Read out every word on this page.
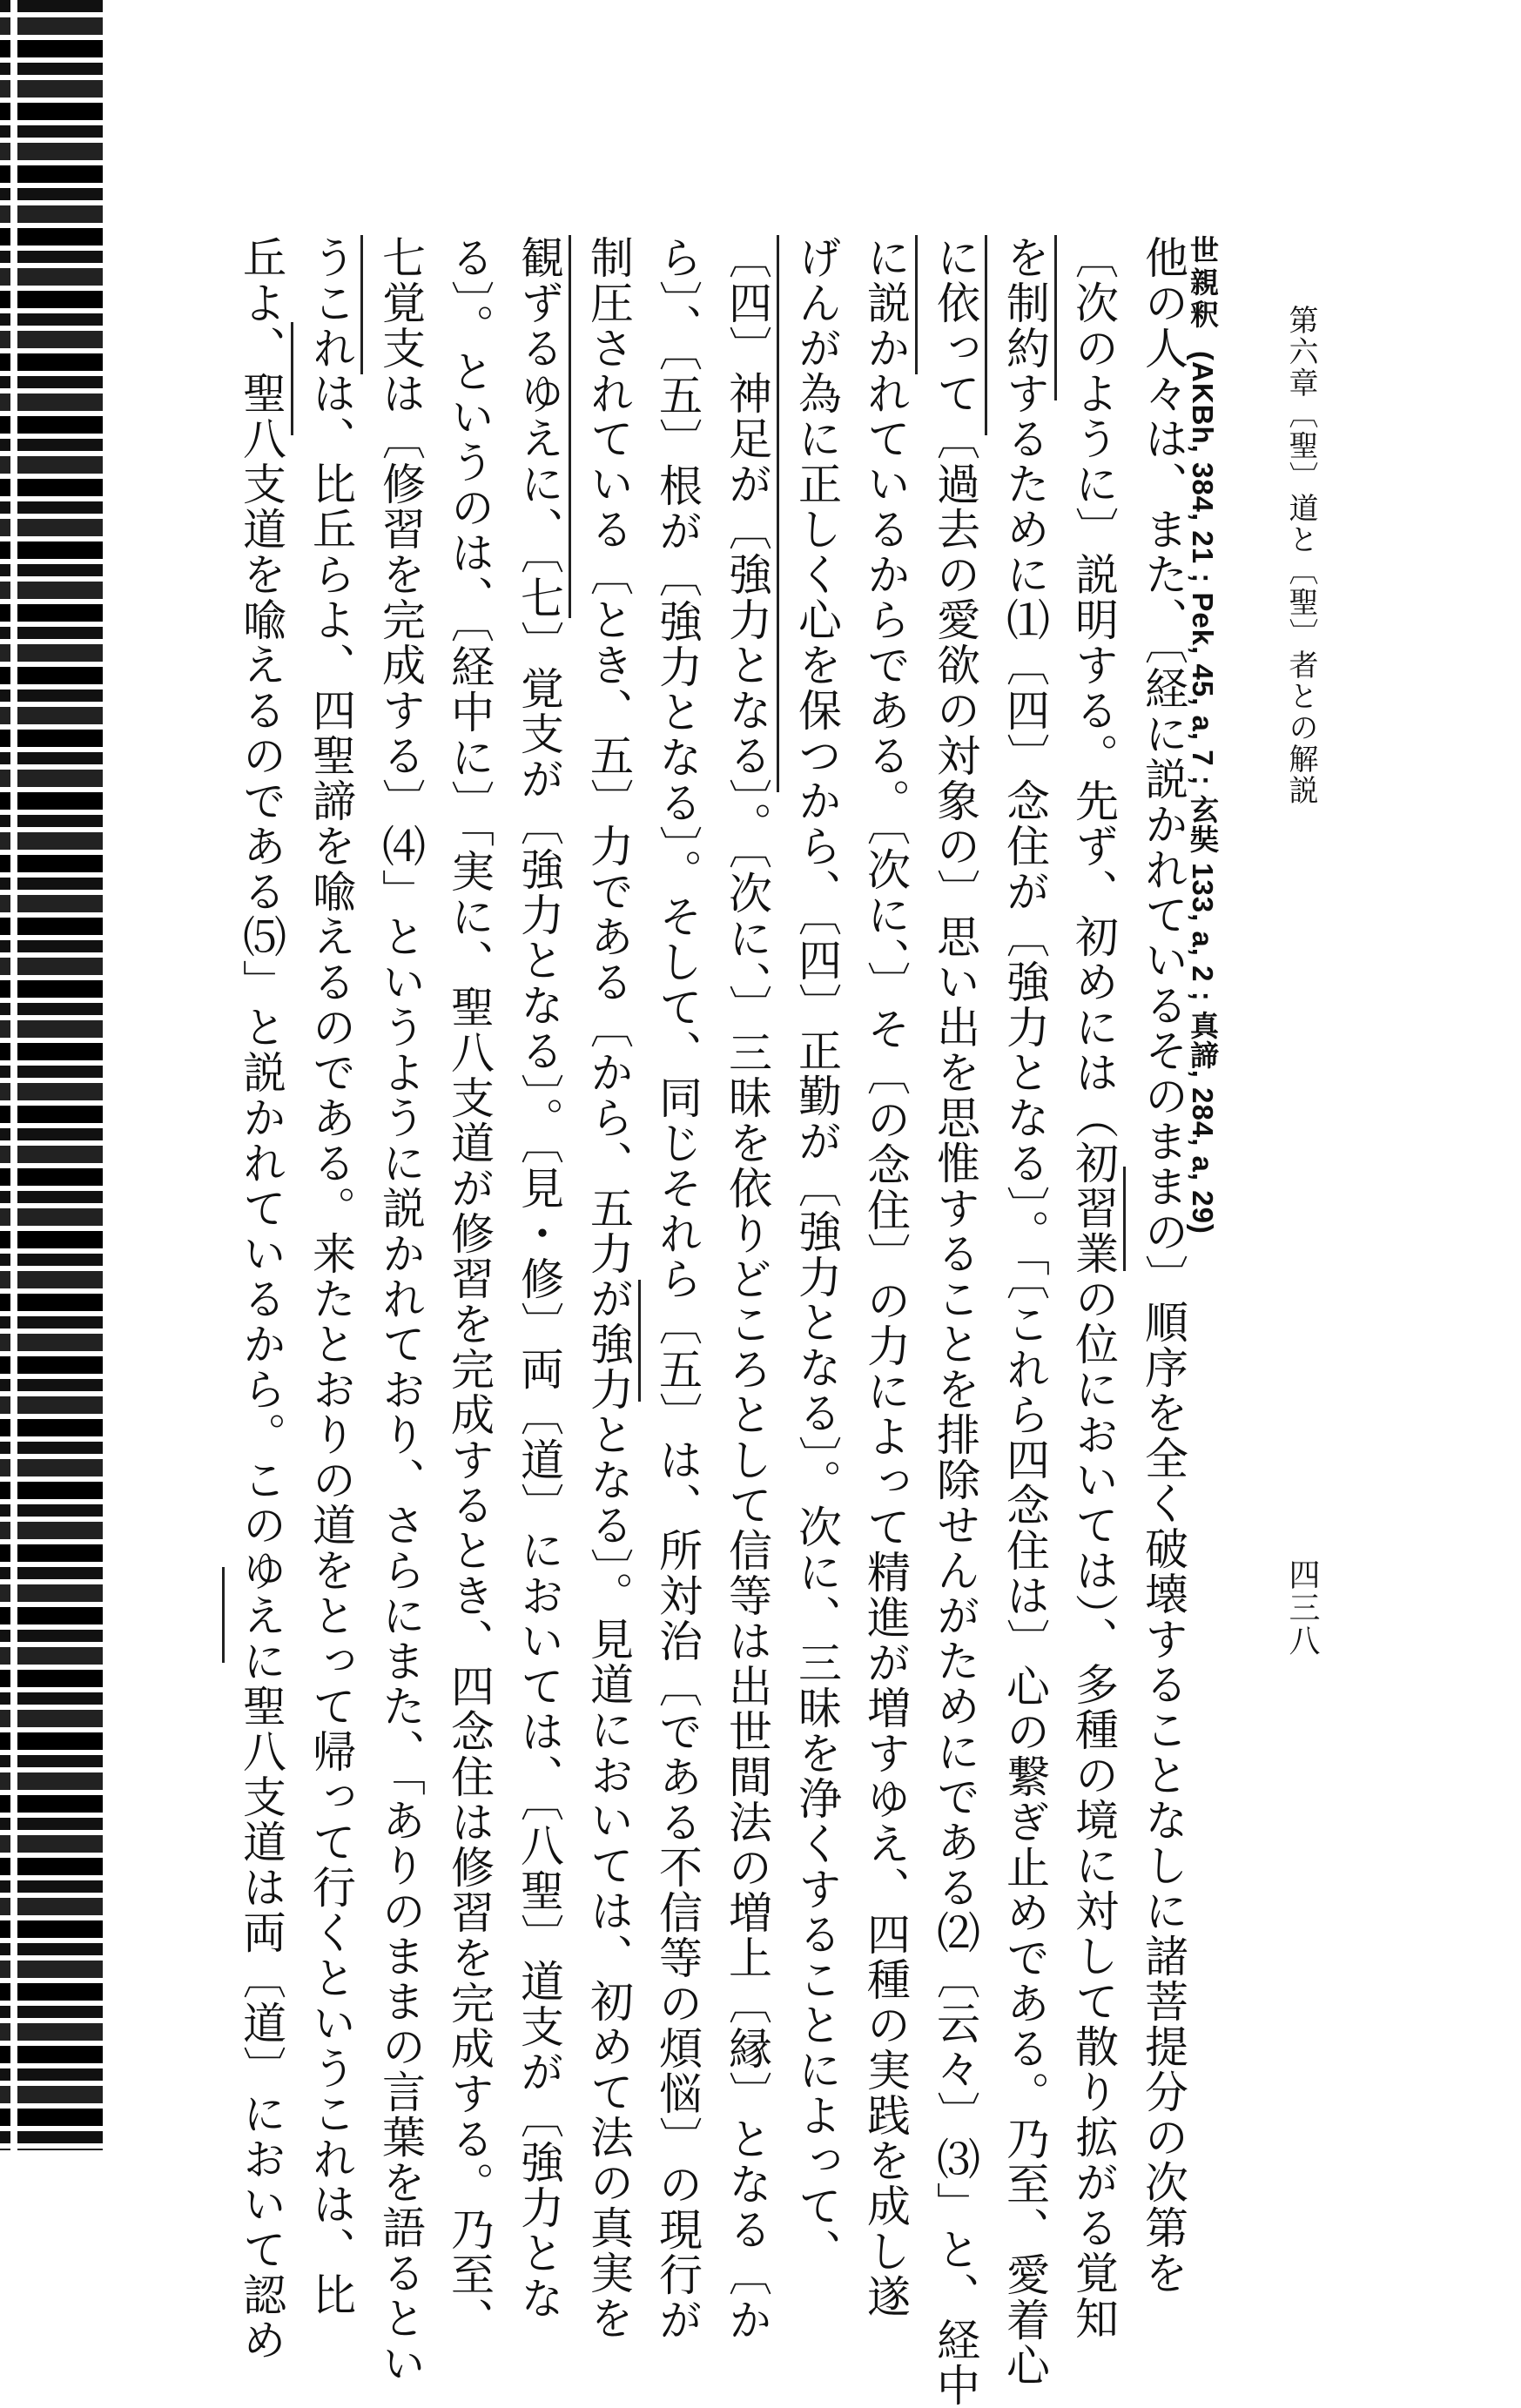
四三八
第六章〔聖〕道と〔聖〕者との解説
世親釈(AKBh, 384, 21 ; Pek, 45, a, 7 ; 玄奘 133, a, 2 ; 真諦, 284, a, 29)
他の人々は、また、〔経に説かれているそのままの〕順序を全く破壊することなしに諸菩提分の次第を
〔次のように〕説明する。先ず、初めには（初習業の位においては）、多種の境に対して散り拡がる覚知
を制約するために⑴〔四〕念住が〔強力となる〕。「〔これら四念住は〕心の繋ぎ止めである。乃至、愛着心
に依って〔過去の愛欲の対象の〕思い出を思惟することを排除せんがためにである⑵〔云々〕⑶」と、経中
に説かれているからである。〔次に、〕そ〔の念住〕の力によって精進が増すゆえ、四種の実践を成し遂
げんが為に正しく心を保つから、〔四〕正勤が〔強力となる〕。次に、三昧を浄くすることによって、
〔四〕神足が〔強力となる〕。〔次に、〕三昧を依りどころとして信等は出世間法の増上〔縁〕となる〔か
ら〕、〔五〕根が〔強力となる〕。そして、同じそれら〔五〕は、所対治〔である不信等の煩悩〕の現行が
制圧されている〔とき、五〕力である〔から、五力が強力となる〕。見道においては、初めて法の真実を
観ずるゆえに、〔七〕覚支が〔強力となる〕。〔見・修〕両〔道〕においては、〔八聖〕道支が〔強力とな
る〕。というのは、〔経中に〕「実に、聖八支道が修習を完成するとき、四念住は修習を完成する。乃至、
七覚支は〔修習を完成する〕⑷」というように説かれており、さらにまた、「ありのままの言葉を語るとい
うこれは、比丘らよ、四聖諦を喩えるのである。来たとおりの道をとって帰って行くというこれは、比
丘よ、聖八支道を喩えるのである⑸」と説かれているから。このゆえに聖八支道は両〔道〕において認め
